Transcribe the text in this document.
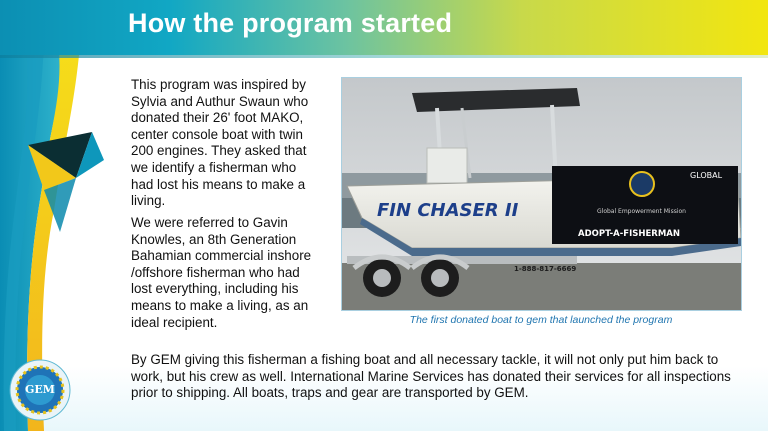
How the program started

This program was inspired by Sylvia and Authur Swaun who donated their 26' foot MAKO, center console boat with twin 200 engines. They asked that we identify a fisherman who had lost his means to make a living.

We were referred to Gavin Knowles, an 8th Generation Bahamian commercial inshore /offshore fisherman who had lost everything, including his means to make a living, as an ideal recipient.

FIN CHASER II
GLOBAL
Global Empowerment Mission
ADOPT-A-FISHERMAN
1-888-817-6669

The first donated boat to gem that launched the program

By GEM giving this fisherman a fishing boat and all necessary tackle, it will not only put him back to work, but his crew as well. International Marine Services has donated their services for all inspections prior to shipping. All boats, traps and gear are transported by GEM.

GEM
